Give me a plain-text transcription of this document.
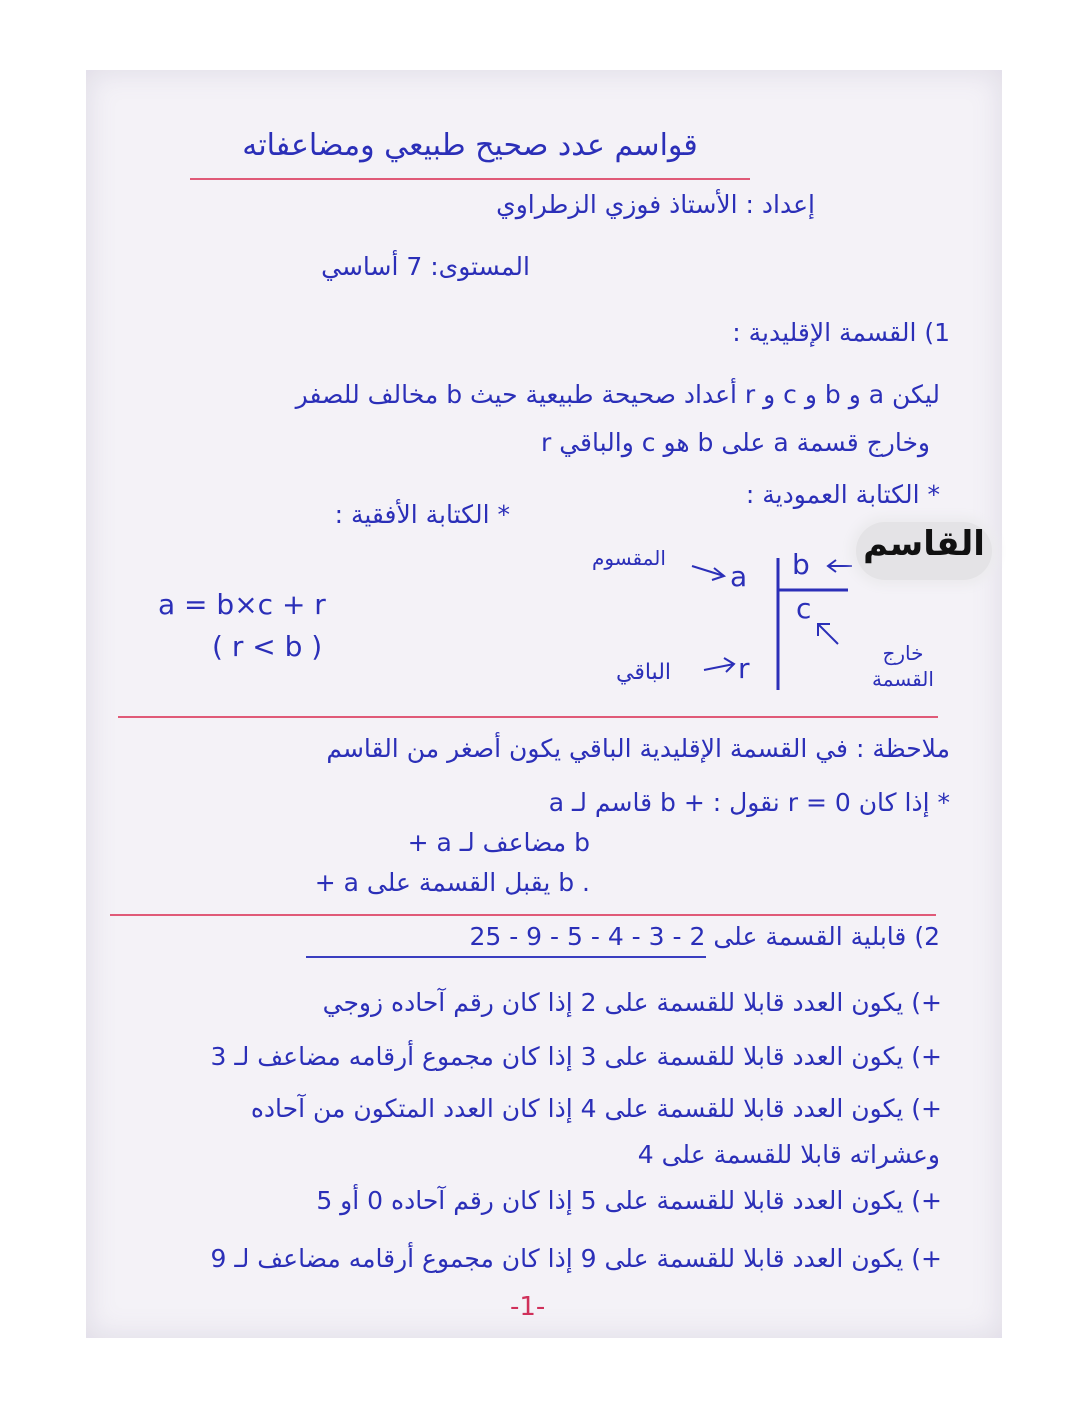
قواسم عدد صحيح طبيعي ومضاعفاته
إعداد : الأستاذ فوزي الزطراوي
المستوى: 7 أساسي
1) القسمة الإقليدية :
ليكن a و b و c و r أعداد صحيحة طبيعية حيث b مخالف للصفر
وخارج قسمة a على b هو c والباقي r
* الكتابة العمودية :
* الكتابة الأفقية :
a = b×c + r
( r < b )
a b
c
r
المقسوم
الباقي
خارج القسمة
القاسم
ملاحظة : في القسمة الإقليدية الباقي يكون أصغر من القاسم
* إذا كان r = 0 نقول : + b قاسم لـ a
+ a مضاعف لـ b
+ a يقبل القسمة على b .
2) قابلية القسمة على 2 - 3 - 4 - 5 - 9 - 25
+) يكون العدد قابلا للقسمة على 2 إذا كان رقم آحاده زوجي
+) يكون العدد قابلا للقسمة على 3 إذا كان مجموع أرقامه مضاعف لـ 3
+) يكون العدد قابلا للقسمة على 4 إذا كان العدد المتكون من آحاده
وعشراته قابلا للقسمة على 4
+) يكون العدد قابلا للقسمة على 5 إذا كان رقم آحاده 0 أو 5
+) يكون العدد قابلا للقسمة على 9 إذا كان مجموع أرقامه مضاعف لـ 9
-1-
